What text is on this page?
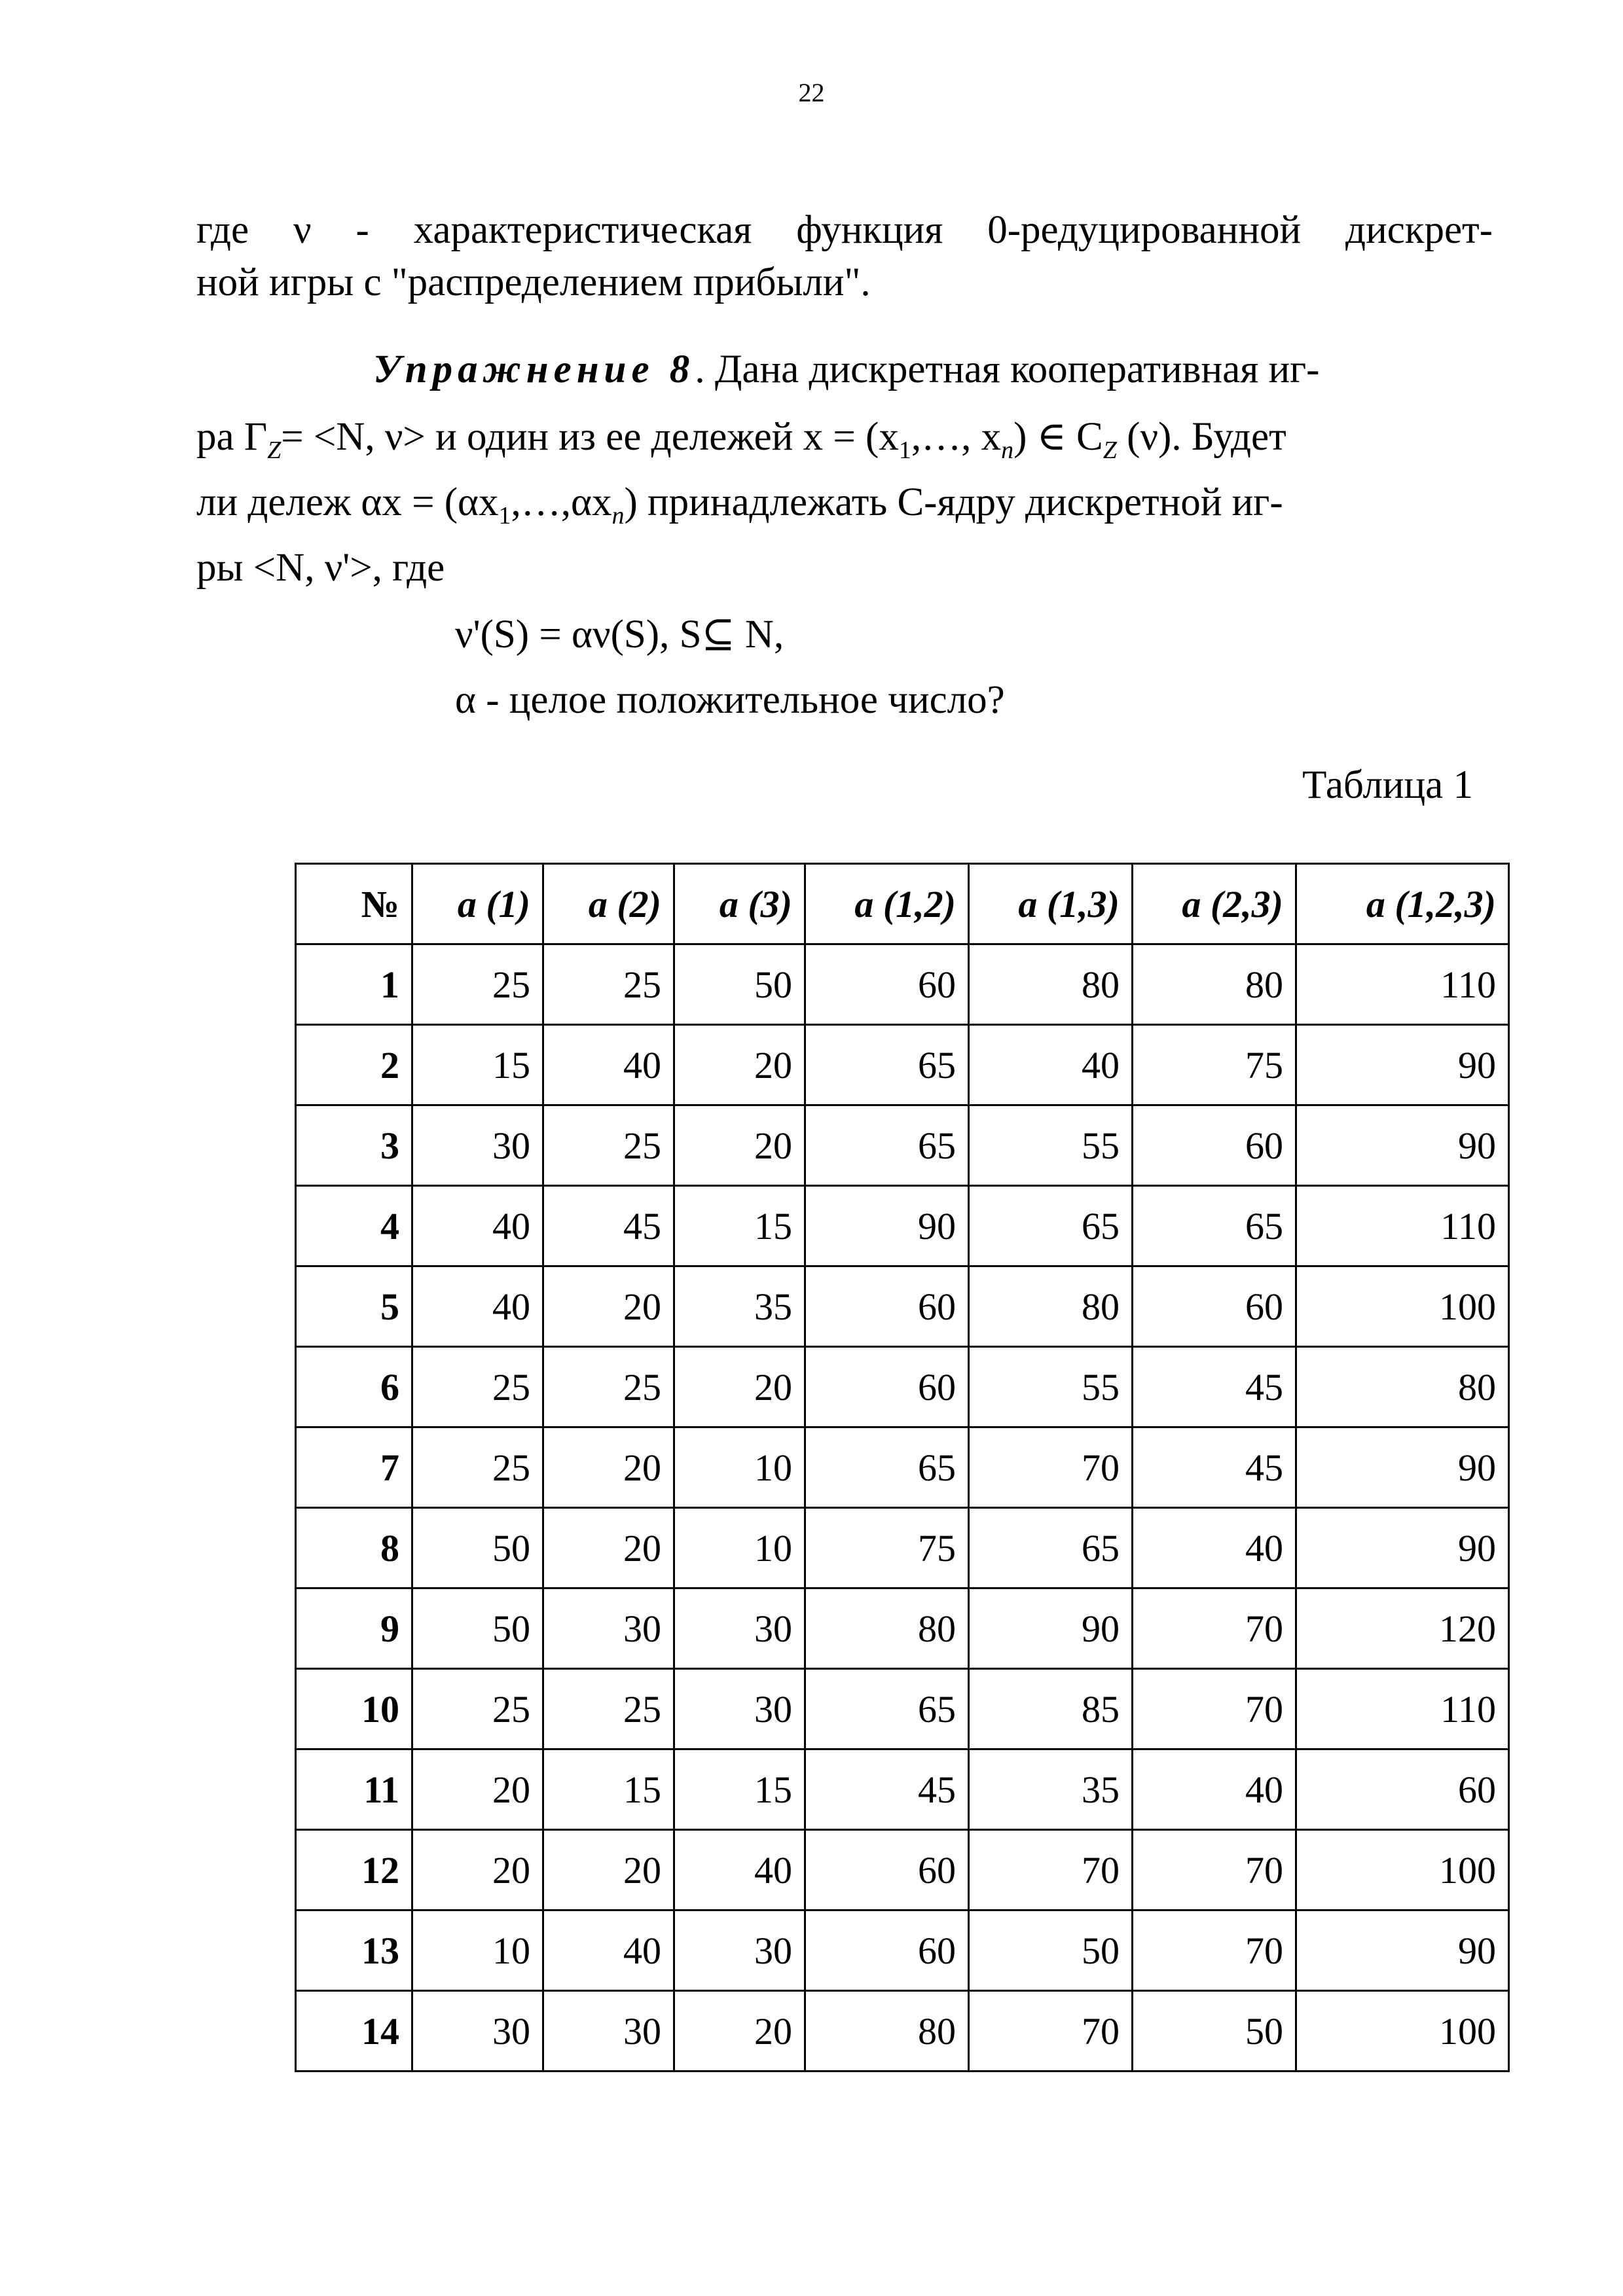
22
где ν - характеристическая функция 0-редуцированной дискрет-
ной игры с "распределением прибыли".
Упражнение 8. Дана дискретная кооперативная иг-
ра $\Gamma_Z= <N$, ν> и один из ее дележей $x = (x_1,\dots$, $x_n$) ∈ $C_Z$ (ν). Будет
ли дележ $\alpha x = (\alpha x_1,\dots,\alpha x_n)$ принадлежать C-ядру дискретной иг-
ры <N, ν'>, где
ν'(S) = αν(S), S⊆ N,
α - целое положительное число?
Таблица 1
№	a (1)	a (2)	a (3)	a (1,2)	a (1,3)	a (2,3)	a (1,2,3)
1	25	25	50	60	80	80	110
2	15	40	20	65	40	75	90
3	30	25	20	65	55	60	90
4	40	45	15	90	65	65	110
5	40	20	35	60	80	60	100
6	25	25	20	60	55	45	80
7	25	20	10	65	70	45	90
8	50	20	10	75	65	40	90
9	50	30	30	80	90	70	120
10	25	25	30	65	85	70	110
11	20	15	15	45	35	40	60
12	20	20	40	60	70	70	100
13	10	40	30	60	50	70	90
14	30	30	20	80	70	50	100
